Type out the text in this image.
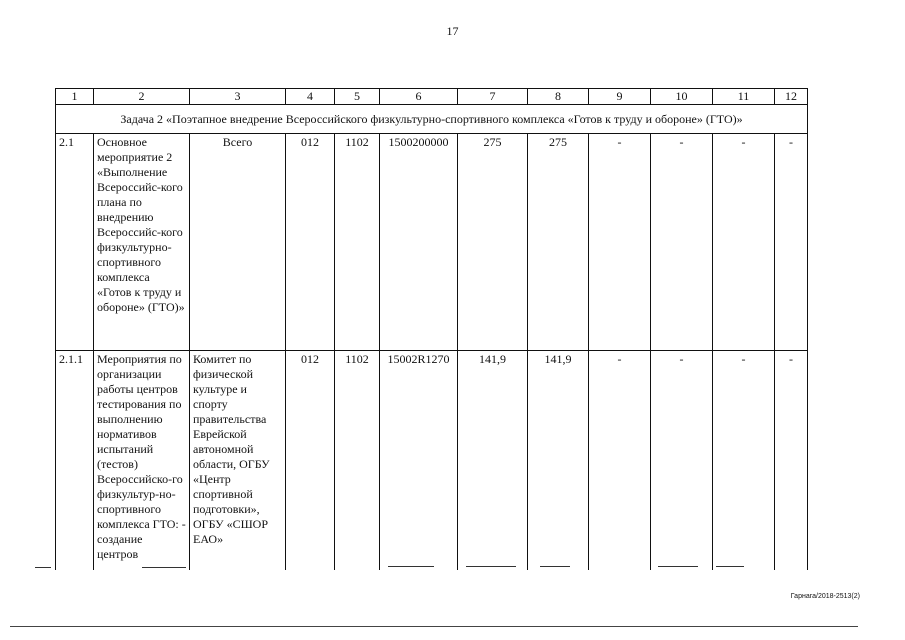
17
1	2	3	4	5	6	7	8	9	10	11	12
Задача 2 «Поэтапное внедрение Всероссийского физкультурно-спортивного комплекса «Готов к труду и обороне» (ГТО)»											
2.1	Основное мероприятие 2 «Выполнение Всероссийс-кого плана по внедрению Всероссийс-кого физкультурно-спортивного комплекса «Готов к труду и обороне» (ГТО)»	Всего	012	1102	1500200000	275	275	-	-	-	-
2.1.1	Мероприятия по организации работы центров тестирования по выполнению нормативов испытаний (тестов) Всероссийско-го физкультур-но-спортивного комплекса ГТО: - создание центров	Комитет по физической культуре и спорту правительства Еврейской автономной области, ОГБУ «Центр спортивной подготовки», ОГБУ «СШОР ЕАО»	012	1102	15002R1270	141,9	141,9	-	-	-	-
Гарнага/2018-2513(2)
